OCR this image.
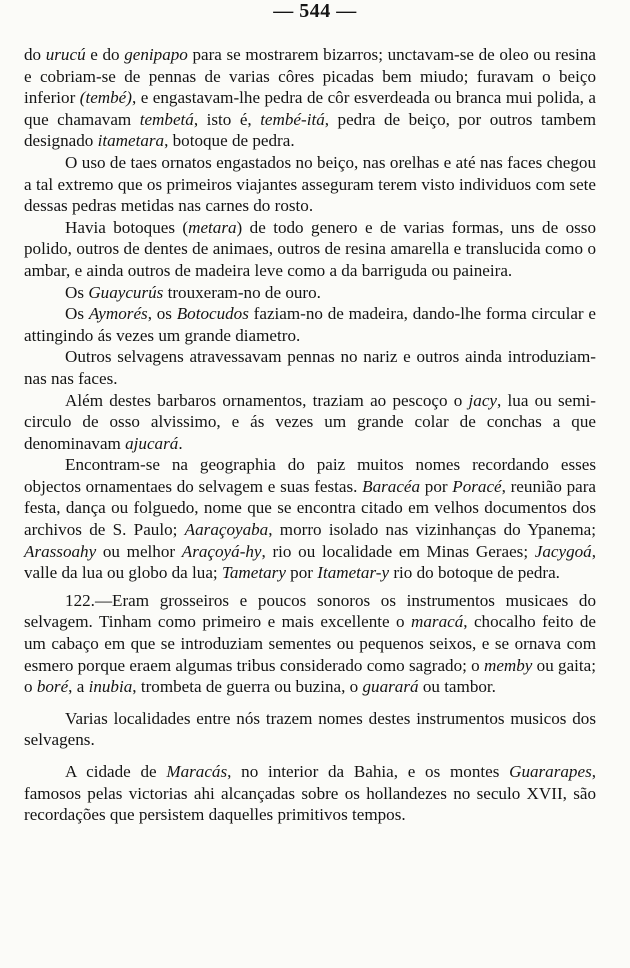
— 544 —

do urucú e do genipapo para se mostrarem bizarros; unctavam-se de oleo ou resina e cobriam-se de pennas de varias côres picadas bem miudo; furavam o beiço inferior (tembé), e engastavam-lhe pedra de côr esverdeada ou branca mui polida, a que chamavam tembetá, isto é, tembé-itá, pedra de beiço, por outros tambem designado itametara, botoque de pedra.

O uso de taes ornatos engastados no beiço, nas orelhas e até nas faces chegou a tal extremo que os primeiros viajantes asseguram terem visto individuos com sete dessas pedras metidas nas carnes do rosto.

Havia botoques (metara) de todo genero e de varias formas, uns de osso polido, outros de dentes de animaes, outros de resina amarella e translucida como o ambar, e ainda outros de madeira leve como a da barriguda ou paineira.

Os Guaycurús trouxeram-no de ouro.

Os Aymorés, os Botocudos faziam-no de madeira, dando-lhe forma circular e attingindo ás vezes um grande diametro.

Outros selvagens atravessavam pennas no nariz e outros ainda introduziam-nas nas faces.

Além destes barbaros ornamentos, traziam ao pescoço o jacy, lua ou semi-circulo de osso alvissimo, e ás vezes um grande colar de conchas a que denominavam ajucará.

Encontram-se na geographia do paiz muitos nomes recordando esses objectos ornamentaes do selvagem e suas festas. Baracéa por Poracé, reunião para festa, dança ou folguedo, nome que se encontra citado em velhos documentos dos archivos de S. Paulo; Aaraçoyaba, morro isolado nas vizinhanças do Ypanema; Arassoahy ou melhor Araçoyá-hy, rio ou localidade em Minas Geraes; Jacygoá, valle da lua ou globo da lua; Tametary por Itametar-y rio do botoque de pedra.

122.—Eram grosseiros e poucos sonoros os instrumentos musicaes do selvagem. Tinham como primeiro e mais excellente o maracá, chocalho feito de um cabaço em que se introduziam sementes ou pequenos seixos, e se ornava com esmero porque eraem algumas tribus considerado como sagrado; o memby ou gaita; o boré, a inubia, trombeta de guerra ou buzina, o guarará ou tambor.

Varias localidades entre nós trazem nomes destes instrumentos musicos dos selvagens.

A cidade de Maracás, no interior da Bahia, e os montes Guararapes, famosos pelas victorias ahi alcançadas sobre os hollandezes no seculo XVII, são recordações que persistem daquelles primitivos tempos.
